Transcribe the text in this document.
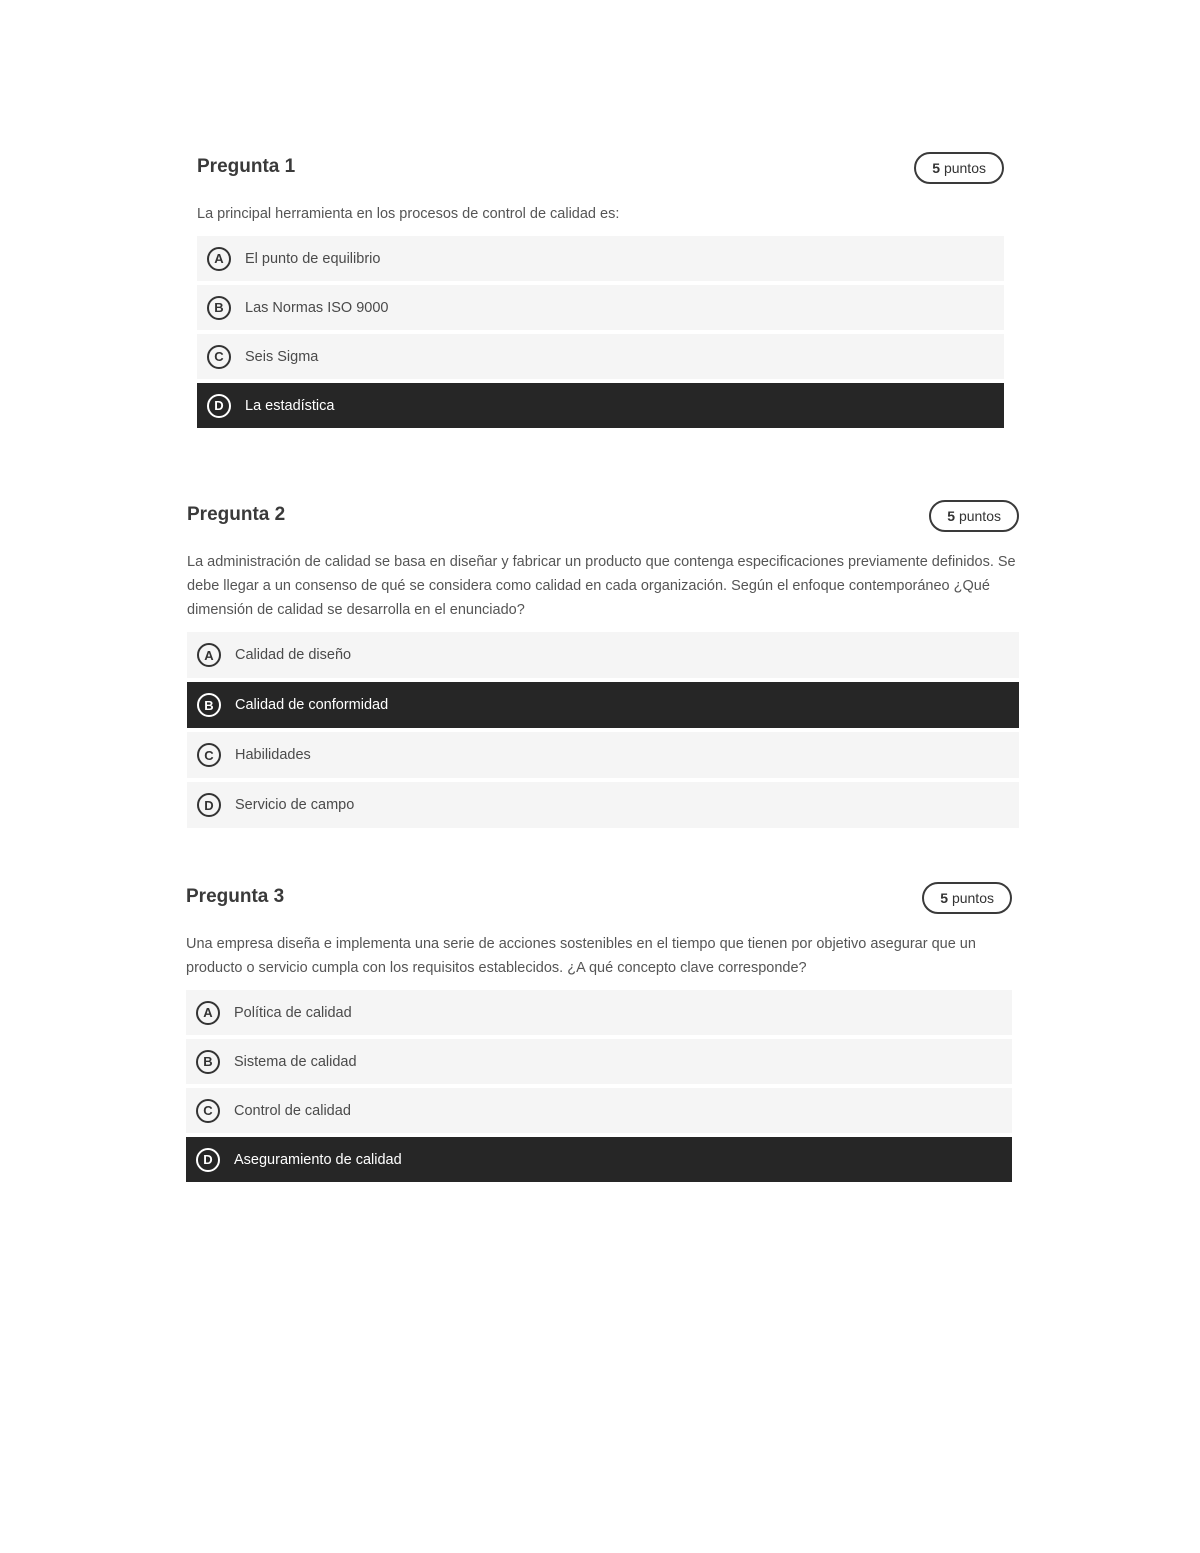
Pregunta 1	5 puntos

La principal herramienta en los procesos de control de calidad es:

A	El punto de equilibrio
B	Las Normas ISO 9000
C	Seis Sigma
D	La estadística
Pregunta 2	5 puntos

La administración de calidad se basa en diseñar y fabricar un producto que contenga especificaciones previamente definidos. Se debe llegar a un consenso de qué se considera como calidad en cada organización. Según el enfoque contemporáneo ¿Qué dimensión de calidad se desarrolla en el enunciado?

A	Calidad de diseño
B	Calidad de conformidad
C	Habilidades
D	Servicio de campo
Pregunta 3	5 puntos

Una empresa diseña e implementa una serie de acciones sostenibles en el tiempo que tienen por objetivo asegurar que un producto o servicio cumpla con los requisitos establecidos. ¿A qué concepto clave corresponde?

A	Política de calidad
B	Sistema de calidad
C	Control de calidad
D	Aseguramiento de calidad
